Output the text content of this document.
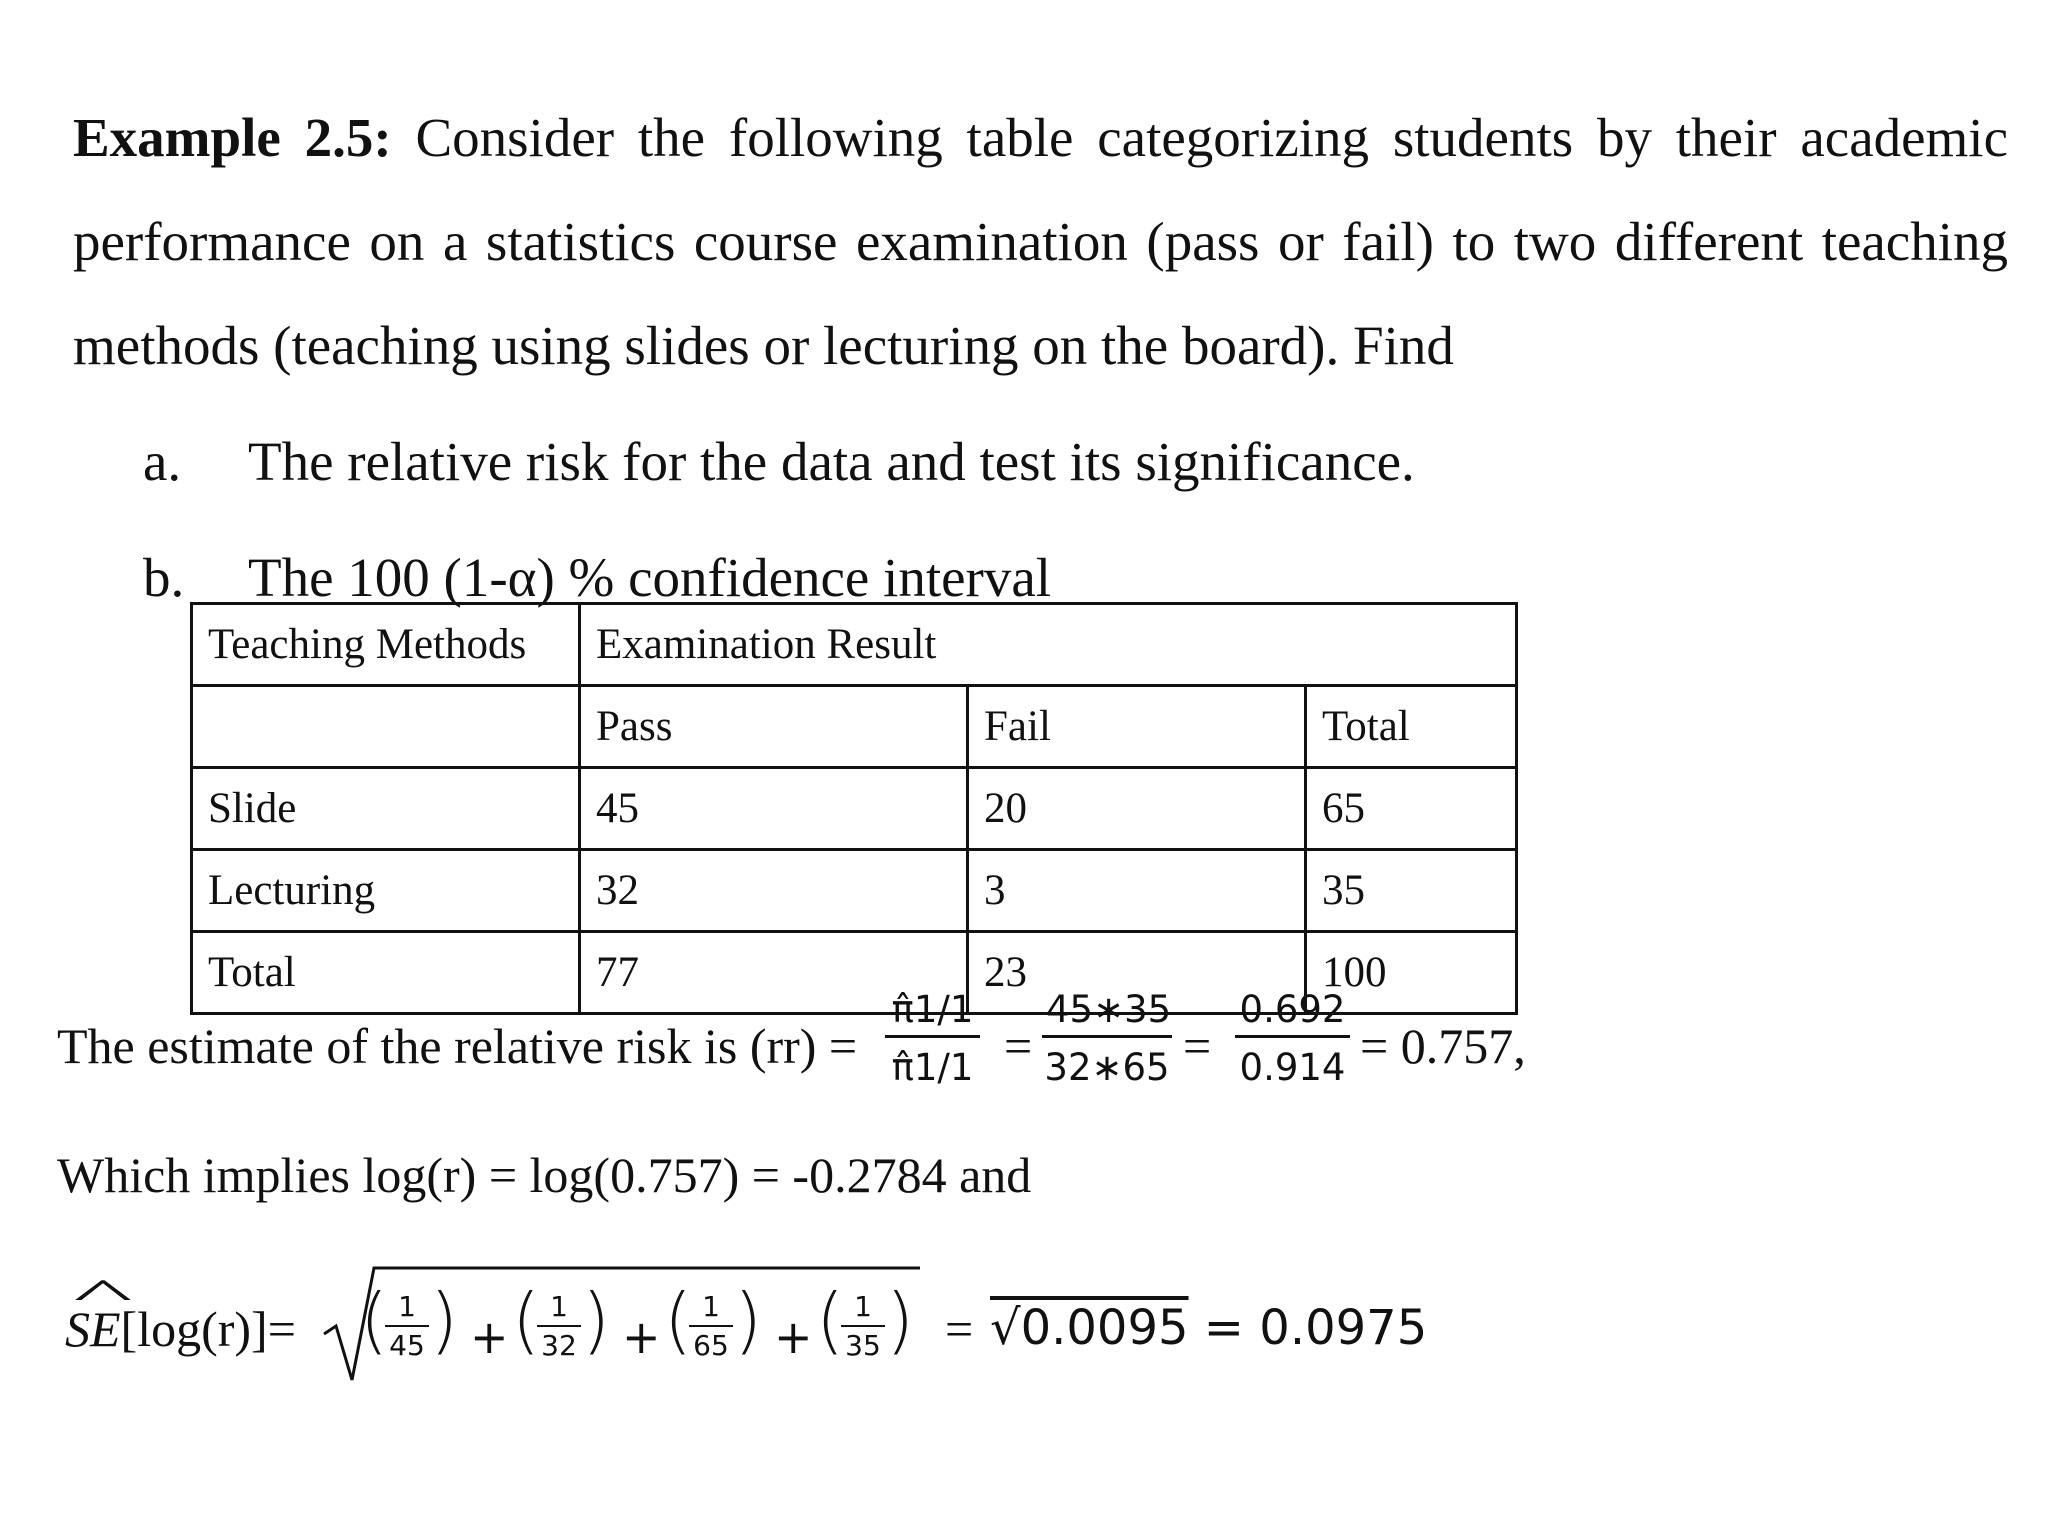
Example 2.5: Consider the following table categorizing students by their academic performance on a statistics course examination (pass or fail) to two different teaching methods (teaching using slides or lecturing on the board). Find
a. The relative risk for the data and test its significance.
b. The 100 (1-α) % confidence interval
Teaching Methods	Examination Result		
	Pass	Fail	Total
Slide	45	20	65
Lecturing	32	3	35
Total	77	23	100
The estimate of the relative risk is $(rr) = \frac{\pî1/1}{\pî1/1} = \frac{45∗35}{32∗65} = \frac{0.692}{0.914} = 0.757$,
Which implies log(r) = log(0.757) = -0.2784 and
^ SE[log(r)]= (
$\frac{1}{45}$ ) + (
$\frac{1}{32}$ ) + (
$\frac{1}{65}$ ) + (
$\frac{1}{35}$ ) = √0.0095 = 0.0975
